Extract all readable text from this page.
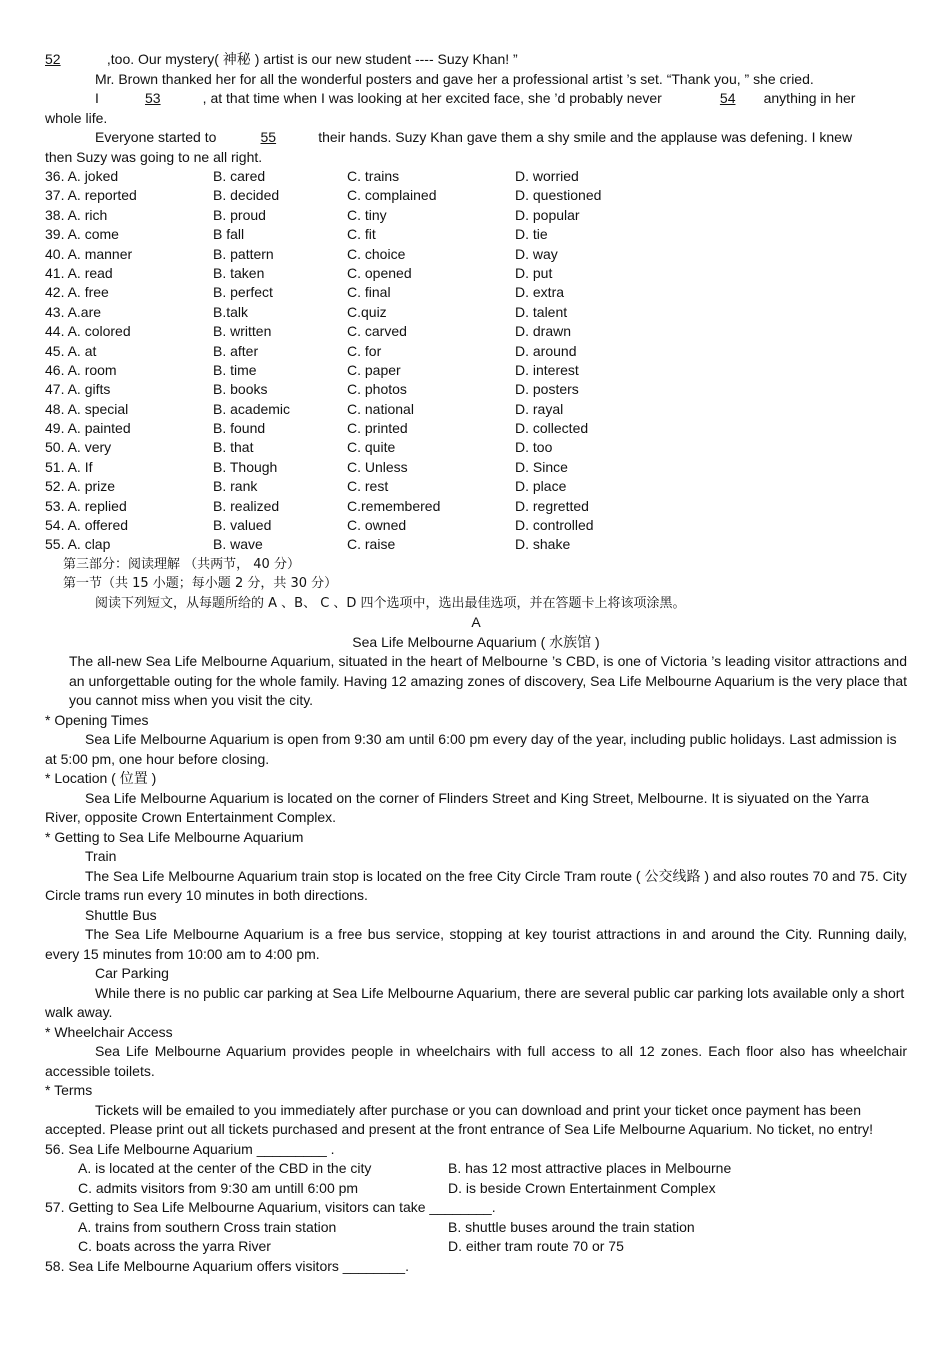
52	,too. Our mystery( 神秘 ) artist is our new student ---- Suzy Khan! ”
Mr. Brown thanked her for all the wonderful posters and gave her a professional artist ’s set. “Thank you, ” she cried.
I	53	, at that time when I was looking at her excited face, she ’d probably never	54 anything in her
whole life.
Everyone started to	55	their hands. Suzy Khan gave them a shy smile and the applause was defening. I knew
then Suzy was going to ne all right.
36. A. joked	B. cared	C. trains	D. worried
37. A. reported	B. decided	C. complained	D. questioned
38. A. rich	B. proud	C. tiny	D. popular
39. A. come	B fall	C. fit	D. tie
40. A. manner	B. pattern	C. choice	D. way
41. A. read	B. taken	C. opened	D. put
42. A. free	B. perfect	C. final	D. extra
43. A.are	B.talk	C.quiz	D. talent
44. A. colored	B. written	C. carved	D. drawn
45. A. at	B. after	C. for	D. around
46. A. room	B. time	C. paper	D. interest
47. A. gifts	B. books	C. photos	D. posters
48. A. special	B. academic	C. national	D. rayal
49. A. painted	B. found	C. printed	D. collected
50. A. very	B. that	C. quite	D. too
51. A. If	B. Though	C. Unless	D. Since
52. A. prize	B. rank	C. rest	D. place
53. A. replied	B. realized	C.remembered	D. regretted
54. A. offered	B. valued	C. owned	D. controlled
55. A. clap	B. wave	C. raise	D. shake
第三部分：阅读理解 （共两节， 40 分）
第一节（共 15 小题；每小题 2 分，共 30 分）
阅读下列短文，从每题所给的 A 、B、 C 、D 四个选项中，选出最佳选项，并在答题卡上将该项涂黑。
A
Sea Life Melbourne Aquarium ( 水族馆 )
The all-new Sea Life Melbourne Aquarium, situated in the heart of Melbourne ’s CBD, is one of Victoria ’s leading visitor attractions and an unforgettable outing for the whole family. Having 12 amazing zones of discovery, Sea Life Melbourne Aquarium is the very place that you cannot miss when you visit the city.
* Opening Times
Sea Life Melbourne Aquarium is open from 9:30 am until 6:00 pm every day of the year, including public holidays. Last admission is at 5:00 pm, one hour before closing.
* Location ( 位置 )
Sea Life Melbourne Aquarium is located on the corner of Flinders Street and King Street, Melbourne. It is siyuated on the Yarra River, opposite Crown Entertainment Complex.
* Getting to Sea Life Melbourne Aquarium
Train
The Sea Life Melbourne Aquarium train stop is located on the free City Circle Tram route ( 公交线路 ) and also routes 70 and 75. City Circle trams run every 10 minutes in both directions.
Shuttle Bus
The Sea Life Melbourne Aquarium is a free bus service, stopping at key tourist attractions in and around the City. Running daily, every 15 minutes from 10:00 am to 4:00 pm.
Car Parking
While there is no public car parking at Sea Life Melbourne Aquarium, there are several public car parking lots available only a short walk away.
* Wheelchair Access
Sea Life Melbourne Aquarium provides people in wheelchairs with full access to all 12 zones. Each floor also has wheelchair accessible toilets.
* Terms
Tickets will be emailed to you immediately after purchase or you can download and print your ticket once payment has been accepted. Please print out all tickets purchased and present at the front entrance of Sea Life Melbourne Aquarium. No ticket, no entry!
56. Sea Life Melbourne Aquarium _________ .
A. is located at the center of the CBD in the city	B. has 12 most attractive places in Melbourne
C. admits visitors from 9:30 am untill 6:00 pm	D. is beside Crown Entertainment Complex
57. Getting to Sea Life Melbourne Aquarium, visitors can take ________.
A. trains from southern Cross train station	B. shuttle buses around the train station
C. boats across the yarra River	D. either tram route 70 or 75
58. Sea Life Melbourne Aquarium offers visitors ________.
